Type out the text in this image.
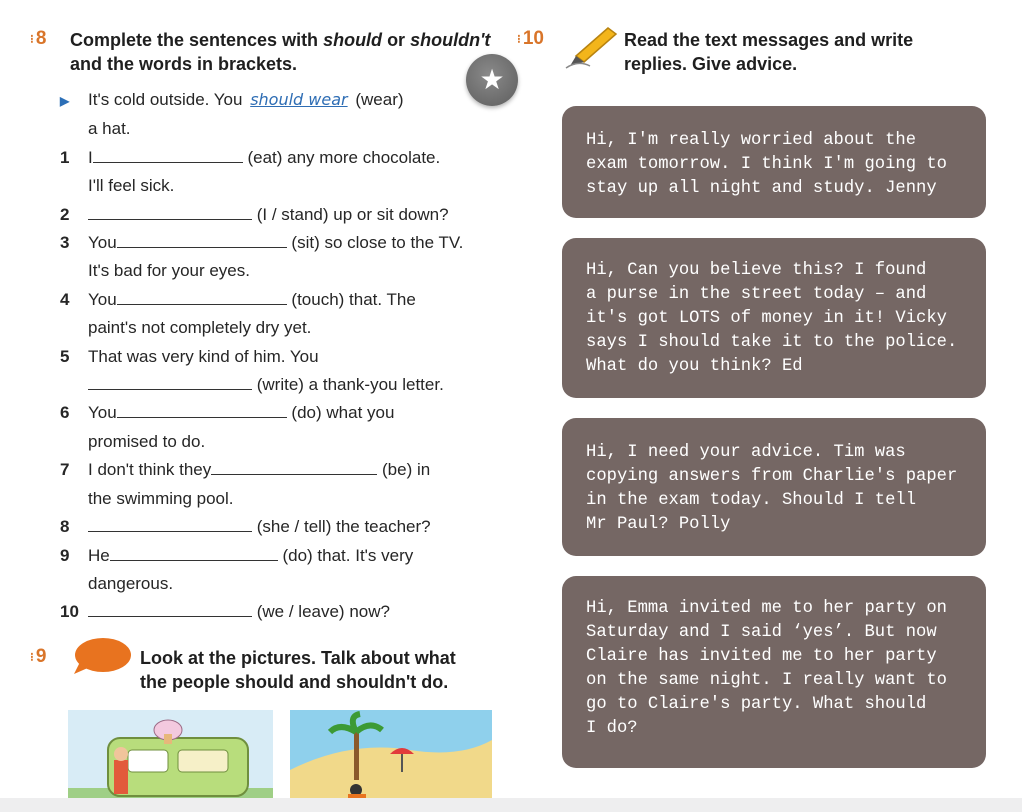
⁝ 8 Complete the sentences with should or shouldn't
and the words in brackets.	★
▶	It's cold outside. You should wear (wear)
a hat.
1	I	(eat) any more chocolate.
I'll feel sick.
2	(I / stand) up or sit down?
3	You	(sit) so close to the TV.
It's bad for your eyes.
4	You	(touch) that. The
paint's not completely dry yet.
5	That was very kind of him. You
(write) a thank-you letter.
6	You	(do) what you
promised to do.
7	I don't think they	(be) in
the swimming pool.
8	(she / tell) the teacher?
9	He	(do) that. It's very
dangerous.
10	(we / leave) now?
⁝ 9	Look at the pictures. Talk about what
the people should and shouldn't do.
⁝ 10	Read the text messages and write
replies. Give advice.
Hi, I'm really worried about the
exam tomorrow. I think I'm going to
stay up all night and study. Jenny
Hi, Can you believe this? I found
a purse in the street today – and
it's got LOTS of money in it! Vicky
says I should take it to the police.
What do you think? Ed
Hi, I need your advice. Tim was
copying answers from Charlie's paper
in the exam today. Should I tell
Mr Paul? Polly
Hi, Emma invited me to her party on
Saturday and I said ‘yes’. But now
Claire has invited me to her party
on the same night. I really want to
go to Claire's party. What should
I do?
